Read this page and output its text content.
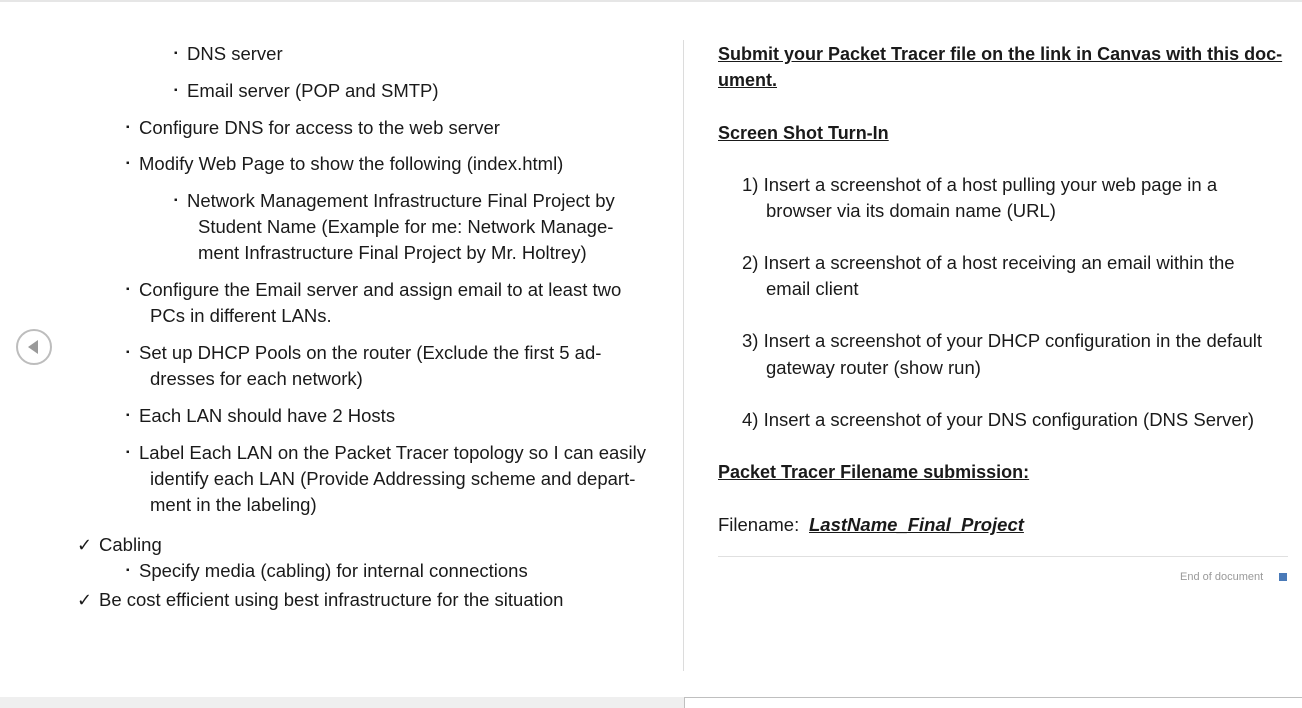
▪ DNS server
▪ Email server (POP and SMTP)
▪ Configure DNS for access to the web server
▪ Modify Web Page to show the following (index.html)
▪ Network Management Infrastructure Final Project by
Student Name (Example for me: Network Manage-
ment Infrastructure Final Project by Mr. Holtrey)
▪ Configure the Email server and assign email to at least two
PCs in different LANs.
▪ Set up DHCP Pools on the router (Exclude the first 5 ad-
dresses for each network)
▪ Each LAN should have 2 Hosts
▪ Label Each LAN on the Packet Tracer topology so I can easily
identify each LAN (Provide Addressing scheme and depart-
ment in the labeling)
✓ Cabling
▪ Specify media (cabling) for internal connections
✓ Be cost efficient using best infrastructure for the situation
Submit your Packet Tracer file on the link in Canvas with this doc-
ument.
Screen Shot Turn-In
1) Insert a screenshot of a host pulling your web page in a
browser via its domain name (URL)
2) Insert a screenshot of a host receiving an email within the
email client
3) Insert a screenshot of your DHCP configuration in the default
gateway router (show run)
4) Insert a screenshot of your DNS configuration (DNS Server)
Packet Tracer Filename submission:
Filename: LastName_Final_Project
End of document
